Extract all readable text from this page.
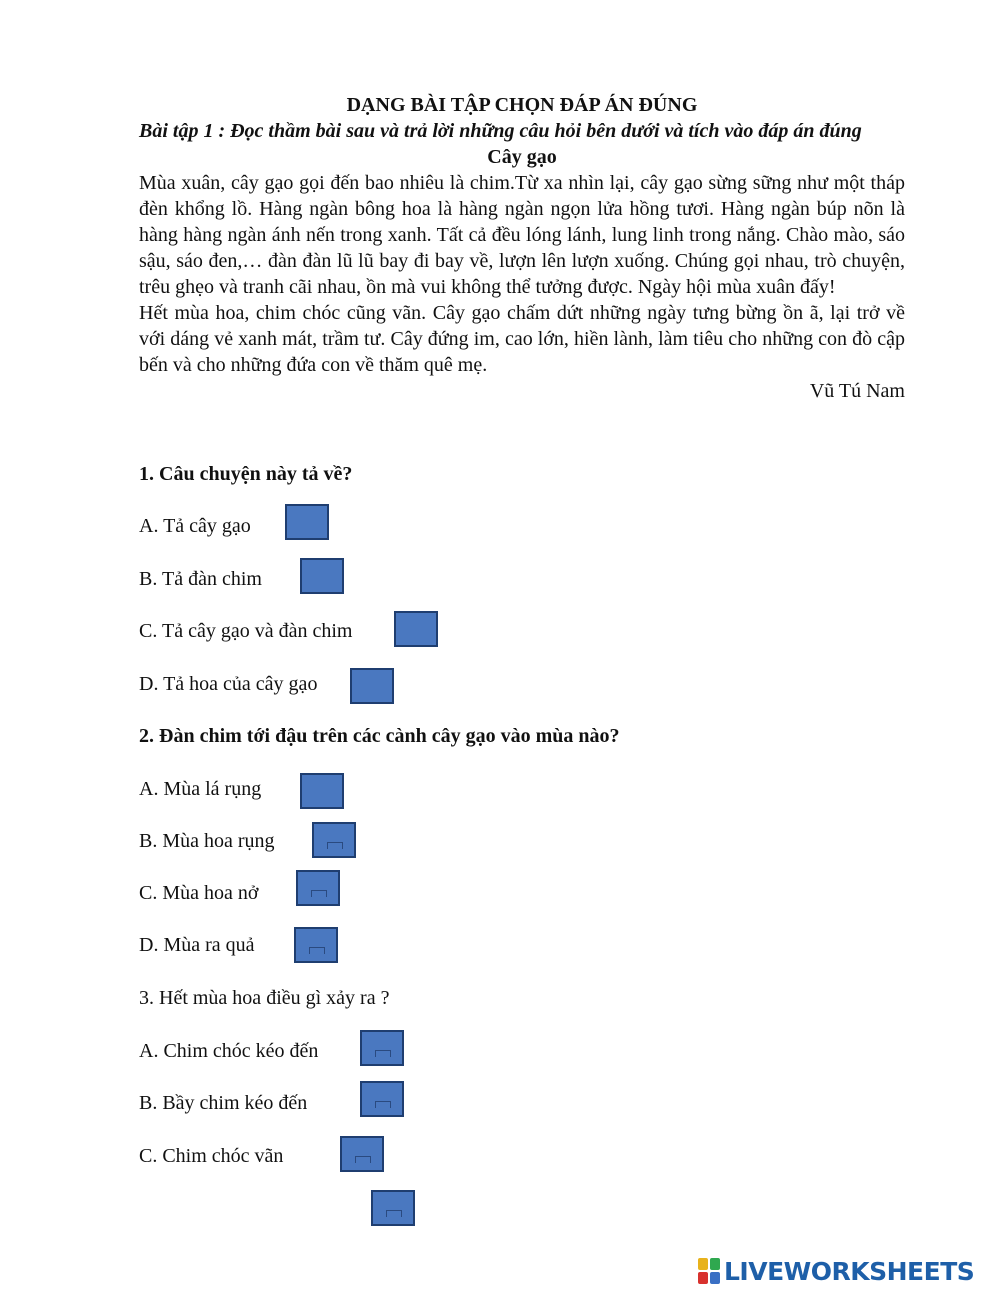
DẠNG BÀI TẬP CHỌN ĐÁP ÁN ĐÚNG

Bài tập 1 : Đọc thầm bài sau và trả lời những câu hỏi bên dưới và tích vào đáp án đúng

Cây gạo

Mùa xuân, cây gạo gọi đến bao nhiêu là chim.Từ xa nhìn lại, cây gạo sừng sững như một tháp đèn khổng lồ. Hàng ngàn bông hoa là hàng ngàn ngọn lửa hồng tươi. Hàng ngàn búp nõn là hàng hàng ngàn ánh nến trong xanh. Tất cả đều lóng lánh, lung linh trong nắng. Chào mào, sáo sậu, sáo đen,… đàn đàn lũ lũ bay đi bay về, lượn lên lượn xuống. Chúng gọi nhau, trò chuyện, trêu ghẹo và tranh cãi nhau, ồn mà vui không thể tưởng được. Ngày hội mùa xuân đấy!

Hết mùa hoa, chim chóc cũng vãn. Cây gạo chấm dứt những ngày tưng bừng ồn ã, lại trở về với dáng vẻ xanh mát, trầm tư. Cây đứng im, cao lớn, hiền lành, làm tiêu cho những con đò cập bến và cho những đứa con về thăm quê mẹ.

Vũ Tú Nam

1. Câu chuyện này tả về?

A. Tả cây gạo
B. Tả đàn chim
C. Tả cây gạo và đàn chim
D. Tả hoa của cây gạo

2. Đàn chim tới đậu trên các cành cây gạo vào mùa nào?

A. Mùa lá rụng
B. Mùa hoa rụng
C. Mùa hoa nở
D. Mùa ra quả

3. Hết mùa hoa điều gì xảy ra ?

A. Chim chóc kéo đến
B. Bầy chim kéo đến
C. Chim chóc vãn
LIVEWORKSHEETS
